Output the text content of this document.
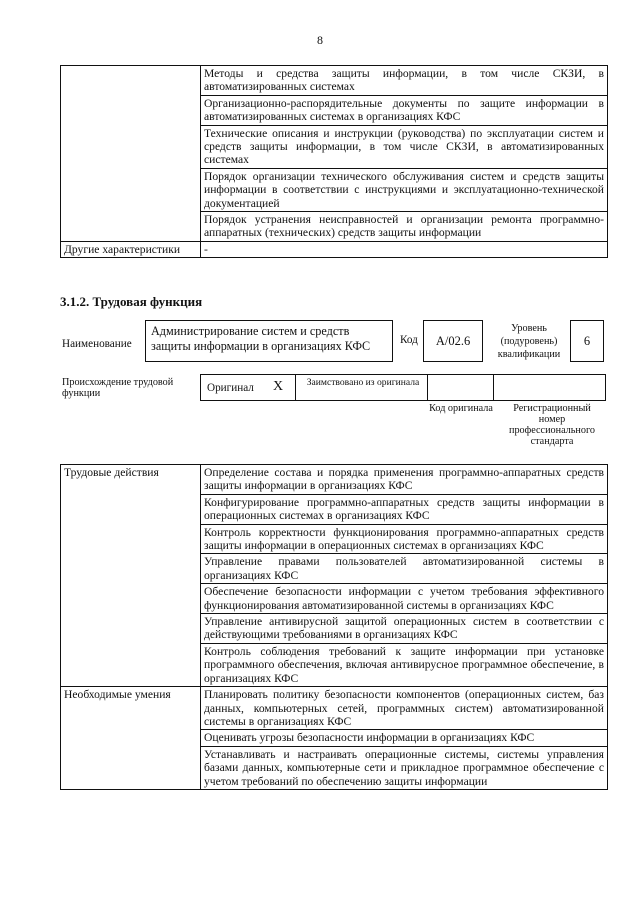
8
	Методы и средства защиты информации, в том числе СКЗИ, в автоматизированных системах
	Организационно-распорядительные документы по защите информации в автоматизированных системах в организациях КФС
	Технические описания и инструкции (руководства) по эксплуатации систем и средств защиты информации, в том числе СКЗИ, в автоматизированных системах
	Порядок организации технического обслуживания систем и средств защиты информации в соответствии с инструкциями и эксплуатационно-технической документацией
	Порядок устранения неисправностей и организации ремонта программно-аппаратных (технических) средств защиты информации
Другие характеристики	-
3.1.2. Трудовая функция
Наименование
Администрирование систем и средств защиты информации в организациях КФС	Код	A/02.6
Уровень (подуровень) квалификации
6
Происхождение трудовой функции	Оригинал X	Заимствовано из оригинала
Код оригинала	Регистрационный номер профессионального стандарта
Трудовые действия	Определение состава и порядка применения программно-аппаратных средств защиты информации в организациях КФС
	Конфигурирование программно-аппаратных средств защиты информации в операционных системах в организациях КФС
	Контроль корректности функционирования программно-аппаратных средств защиты информации в операционных системах в организациях КФС
	Управление правами пользователей автоматизированной системы в организациях КФС
	Обеспечение безопасности информации с учетом требования эффективного функционирования автоматизированной системы в организациях КФС
	Управление антивирусной защитой операционных систем в соответствии с действующими требованиями в организациях КФС
	Контроль соблюдения требований к защите информации при установке программного обеспечения, включая антивирусное программное обеспечение, в организациях КФС
Необходимые умения	Планировать политику безопасности компонентов (операционных систем, баз данных, компьютерных сетей, программных систем) автоматизированной системы в организациях КФС
	Оценивать угрозы безопасности информации в организациях КФС
	Устанавливать и настраивать операционные системы, системы управления базами данных, компьютерные сети и прикладное программное обеспечение с учетом требований по обеспечению защиты информации
